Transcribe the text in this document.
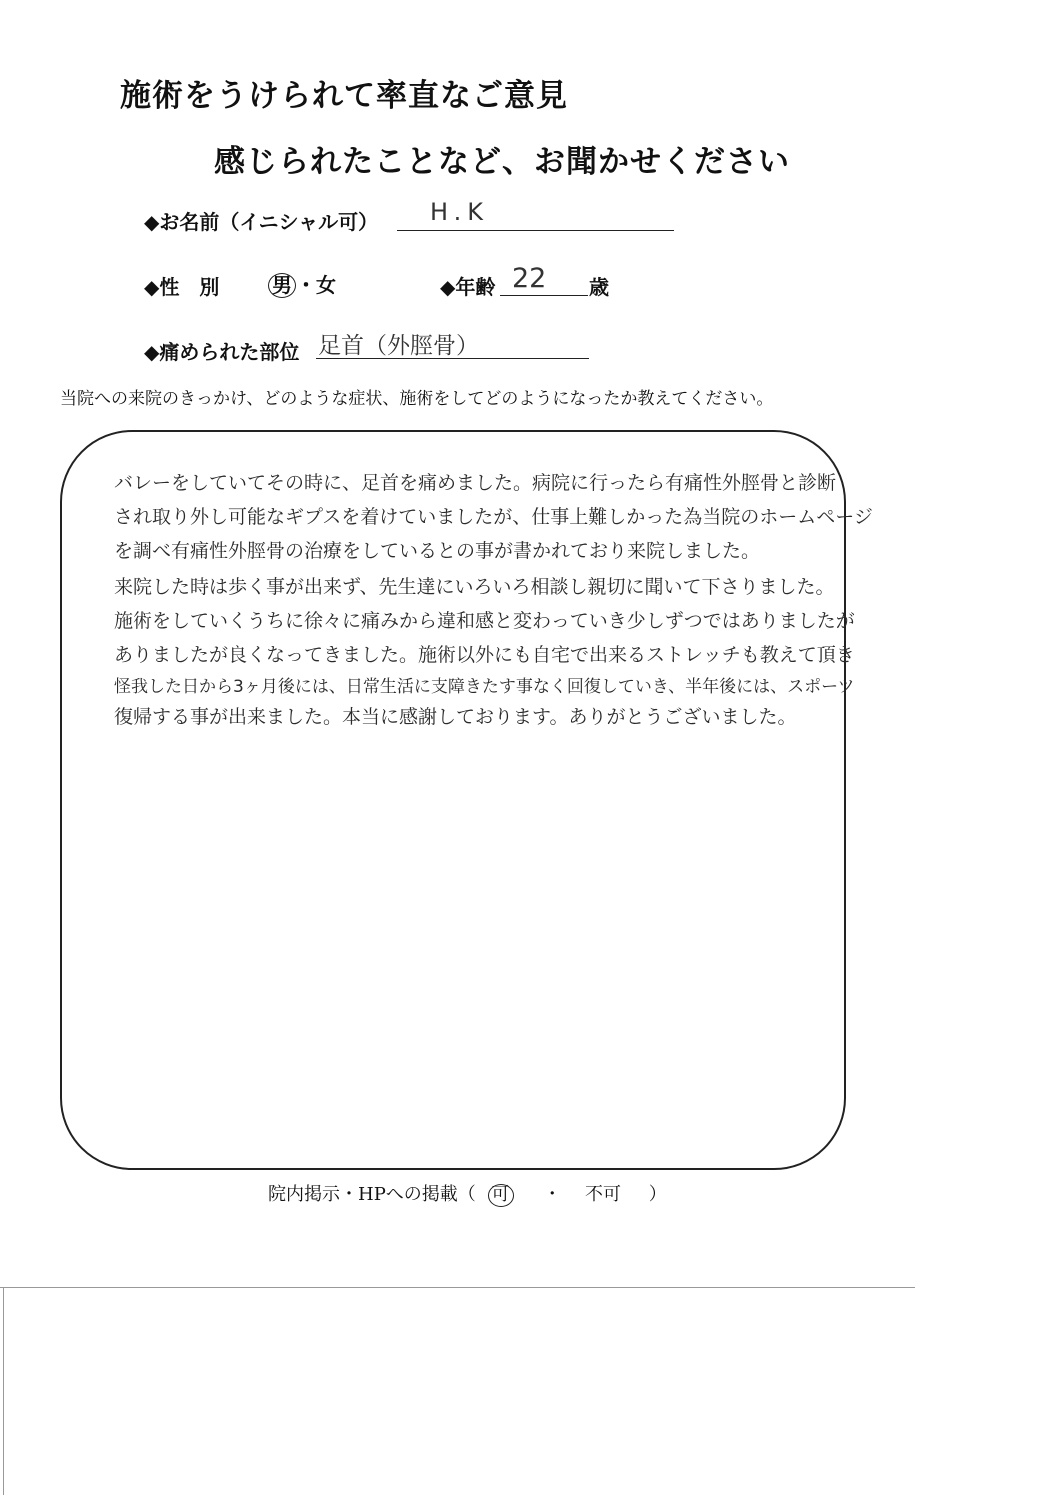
施術をうけられて率直なご意見
感じられたことなど、お聞かせください
◆お名前（イニシャル可） H.K
◆性　別	男 ・女	◆年齢 22 歳
◆痛められた部位 足首（外脛骨）
当院への来院のきっかけ、どのような症状、施術をしてどのようになったか教えてください。
バレーをしていてその時に、足首を痛めました。病院に行ったら有痛性外脛骨と診断
され取り外し可能なギプスを着けていましたが、仕事上難しかった為当院のホームページ
を調べ有痛性外脛骨の治療をしているとの事が書かれており来院しました。
来院した時は歩く事が出来ず、先生達にいろいろ相談し親切に聞いて下さりました。
施術をしていくうちに徐々に痛みから違和感と変わっていき少しずつではありましたが
ありましたが良くなってきました。施術以外にも自宅で出来るストレッチも教えて頂き
怪我した日から3ヶ月後には、日常生活に支障きたす事なく回復していき、半年後には、スポーツ
復帰する事が出来ました。本当に感謝しております。ありがとうございました。
院内掲示・HPへの掲載（ 可 ・ 不可 ）
